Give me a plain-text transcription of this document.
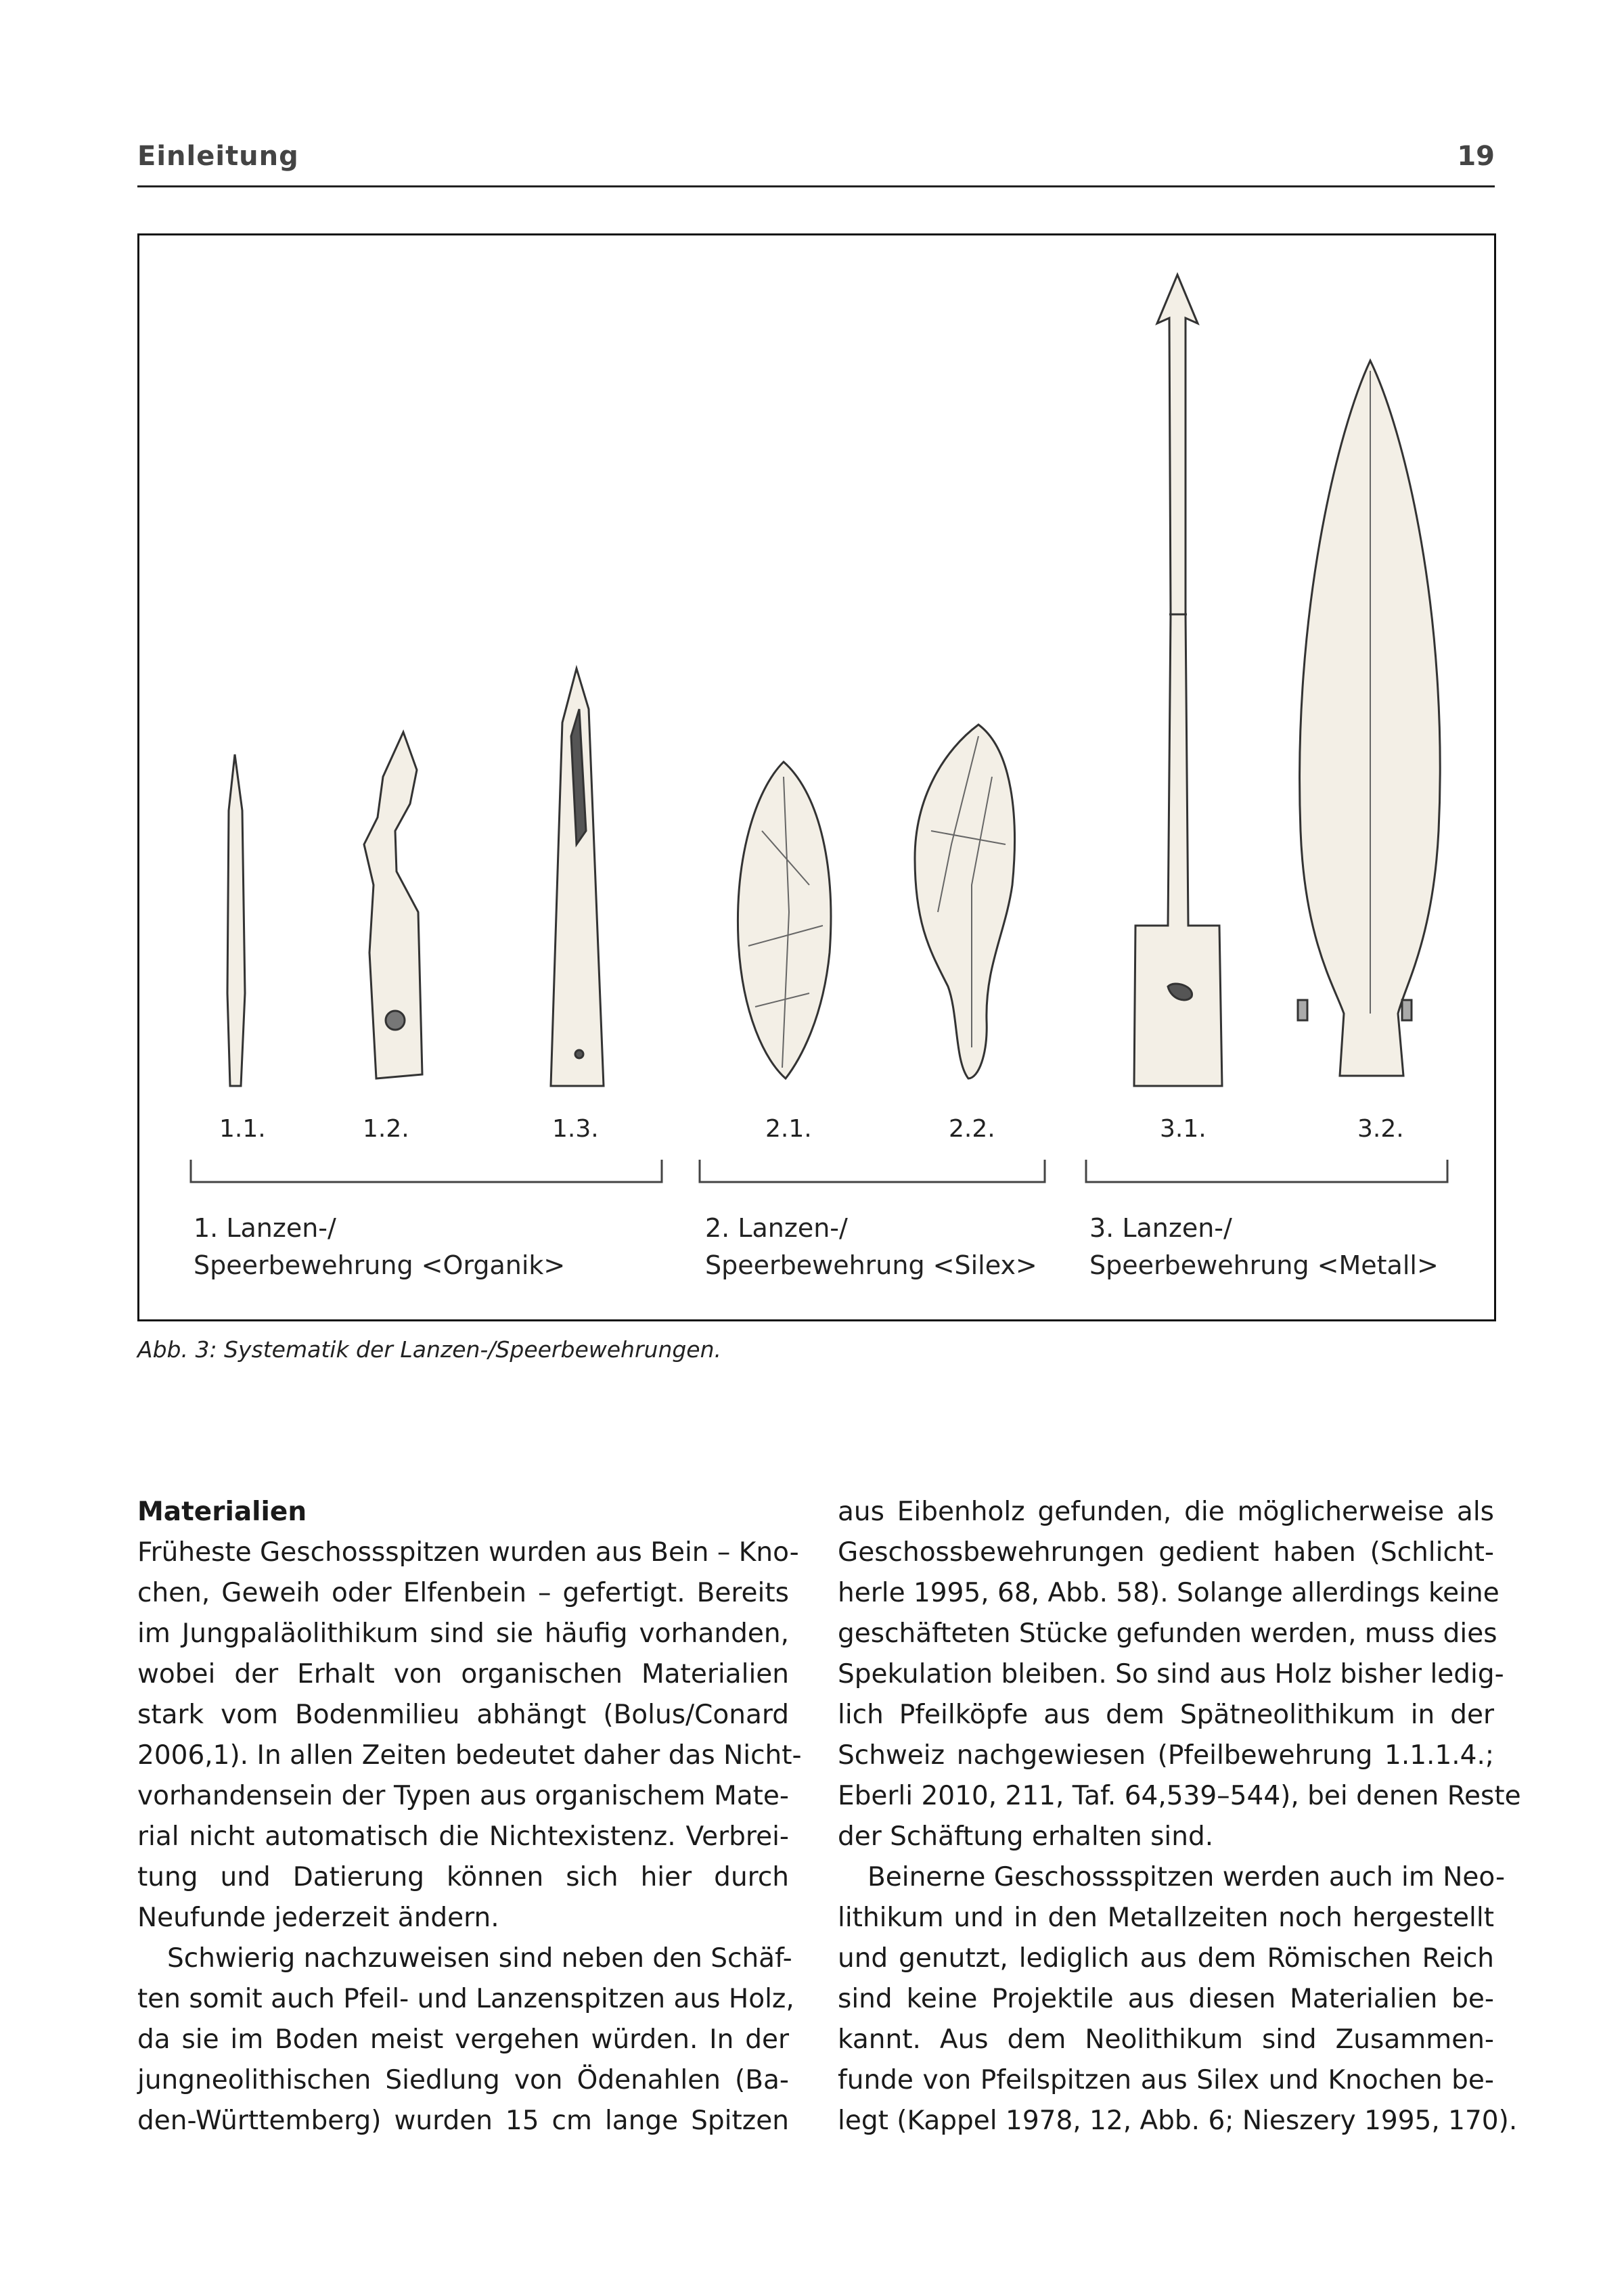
Einleitung	19
1.1.	1.2.	1.3.	2.1.	2.2.	3.1.	3.2.
1. Lanzen-/
Speerbewehrung <Organik>
2. Lanzen-/
Speerbewehrung <Silex>
3. Lanzen-/
Speerbewehrung <Metall>
Abb. 3: Systematik der Lanzen-/Speerbewehrungen.
Materialien
Früheste Geschossspitzen wurden aus Bein – Kno-
chen, Geweih oder Elfenbein – gefertigt. Bereits
im Jungpaläolithikum sind sie häufig vorhanden,
wobei der Erhalt von organischen Materialien
stark vom Bodenmilieu abhängt (Bolus/Conard
2006,1). In allen Zeiten bedeutet daher das Nicht-
vorhandensein der Typen aus organischem Mate-
rial nicht automatisch die Nichtexistenz. Verbrei-
tung und Datierung können sich hier durch
Neufunde jederzeit ändern.
Schwierig nachzuweisen sind neben den Schäf-
ten somit auch Pfeil- und Lanzenspitzen aus Holz,
da sie im Boden meist vergehen würden. In der
jungneolithischen Siedlung von Ödenahlen (Ba-
den-Württemberg) wurden 15 cm lange Spitzen
aus Eibenholz gefunden, die möglicherweise als
Geschossbewehrungen gedient haben (Schlicht-
herle 1995, 68, Abb. 58). Solange allerdings keine
geschäfteten Stücke gefunden werden, muss dies
Spekulation bleiben. So sind aus Holz bisher ledig-
lich Pfeilköpfe aus dem Spätneolithikum in der
Schweiz nachgewiesen (Pfeilbewehrung 1.1.1.4.;
Eberli 2010, 211, Taf. 64,539–544), bei denen Reste
der Schäftung erhalten sind.
Beinerne Geschossspitzen werden auch im Neo-
lithikum und in den Metallzeiten noch hergestellt
und genutzt, lediglich aus dem Römischen Reich
sind keine Projektile aus diesen Materialien be-
kannt. Aus dem Neolithikum sind Zusammen-
funde von Pfeilspitzen aus Silex und Knochen be-
legt (Kappel 1978, 12, Abb. 6; Nieszery 1995, 170).
